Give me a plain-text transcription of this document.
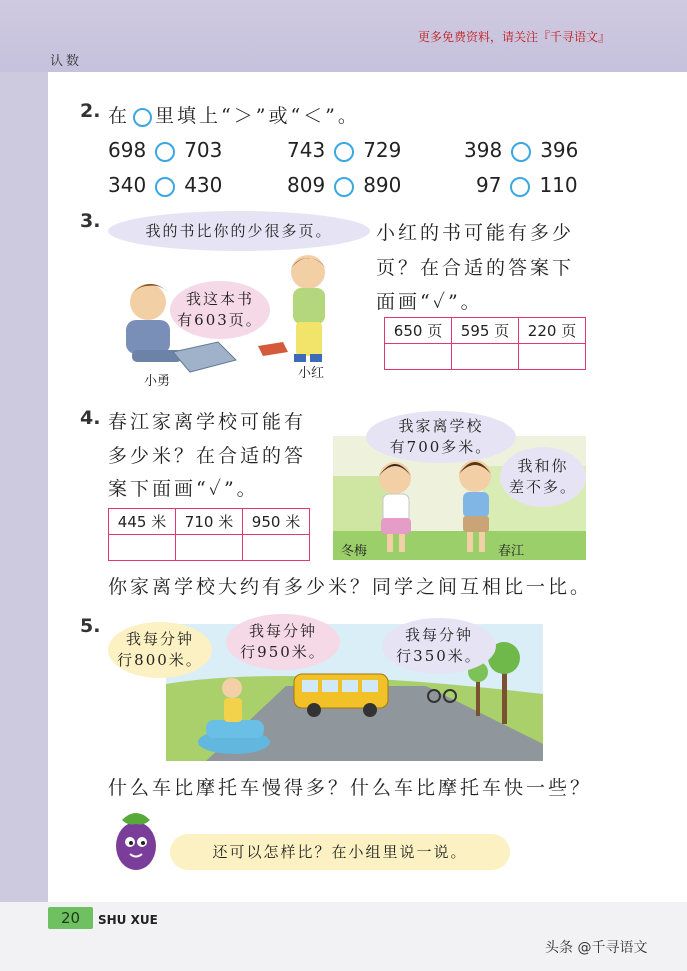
更多免费资料，请关注『千寻语文』
认数
2. 在 里填上“＞”或“＜”。
698 703	743 729	398 396
340 430	809 890	97 110
3.	我的书比你的少很多页。
我这本书
有603页。
小勇
小红
小红的书可能有多少
页？在合适的答案下
面画“✓”。
650 页	595 页	220 页

4. 春江家离学校可能有
多少米？在合适的答
案下面画“✓”。
445 米	710 米	950 米

我家离学校
有700多米。
我和你
差不多。
冬梅	春江
你家离学校大约有多少米？同学之间互相比一比。
5.
我每分钟
行800米。
我每分钟
行950米。
我每分钟
行350米。
什么车比摩托车慢得多？什么车比摩托车快一些？
还可以怎样比？在小组里说一说。
20	SHU XUE
头条 @千寻语文
